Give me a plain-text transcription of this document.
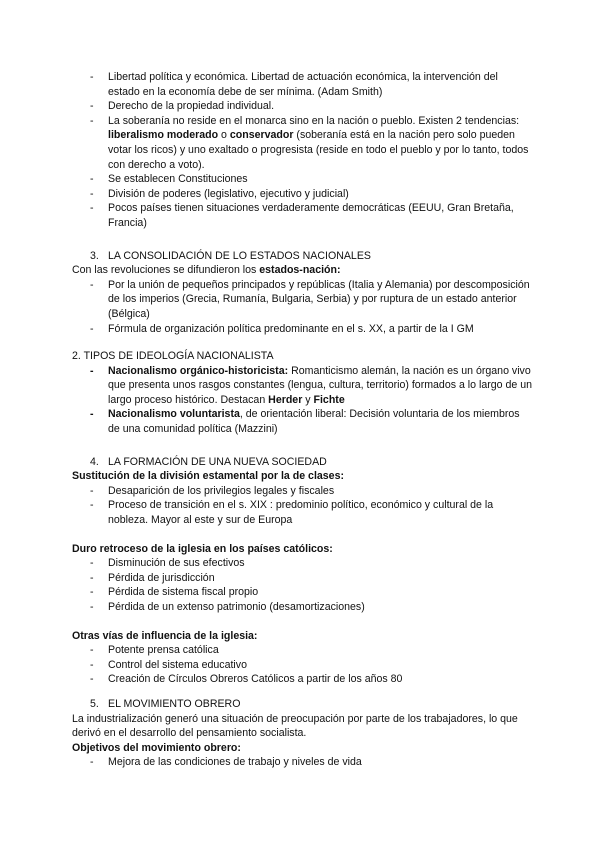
- Libertad política y económica. Libertad de actuación económica, la intervención del estado en la economía debe de ser mínima. (Adam Smith)
- Derecho de la propiedad individual.
- La soberanía no reside en el monarca sino en la nación o pueblo. Existen 2 tendencias: liberalismo moderado o conservador (soberanía está en la nación pero solo pueden votar los ricos) y uno exaltado o progresista (reside en todo el pueblo y por lo tanto, todos con derecho a voto).
- Se establecen Constituciones
- División de poderes (legislativo, ejecutivo y judicial)
- Pocos países tienen situaciones verdaderamente democráticas (EEUU, Gran Bretaña, Francia)

3. LA CONSOLIDACIÓN DE LO ESTADOS NACIONALES

Con las revoluciones se difundieron los estados-nación:

- Por la unión de pequeños principados y repúblicas (Italia y Alemania) por descomposición de los imperios (Grecia, Rumanía, Bulgaria, Serbia) y por ruptura de un estado anterior (Bélgica)
- Fórmula de organización política predominante en el s. XX, a partir de la I GM

2. TIPOS DE IDEOLOGÍA NACIONALISTA

- Nacionalismo orgánico-historicista: Romanticismo alemán, la nación es un órgano vivo que presenta unos rasgos constantes (lengua, cultura, territorio) formados a lo largo de un largo proceso histórico. Destacan Herder y Fichte
- Nacionalismo voluntarista, de orientación liberal: Decisión voluntaria de los miembros de una comunidad política (Mazzini)

4. LA FORMACIÓN DE UNA NUEVA SOCIEDAD

Sustitución de la división estamental por la de clases:

- Desaparición de los privilegios legales y fiscales
- Proceso de transición en el s. XIX : predominio político, económico y cultural de la nobleza. Mayor al este y sur de Europa

Duro retroceso de la iglesia en los países católicos:

- Disminución de sus efectivos
- Pérdida de jurisdicción
- Pérdida de sistema fiscal propio
- Pérdida de un extenso patrimonio (desamortizaciones)

Otras vías de influencia de la iglesia:

- Potente prensa católica
- Control del sistema educativo
- Creación de Círculos Obreros Católicos a partir de los años 80

5. EL MOVIMIENTO OBRERO

La industrialización generó una situación de preocupación por parte de los trabajadores, lo que derivó en el desarrollo del pensamiento socialista.

Objetivos del movimiento obrero:

- Mejora de las condiciones de trabajo y niveles de vida
